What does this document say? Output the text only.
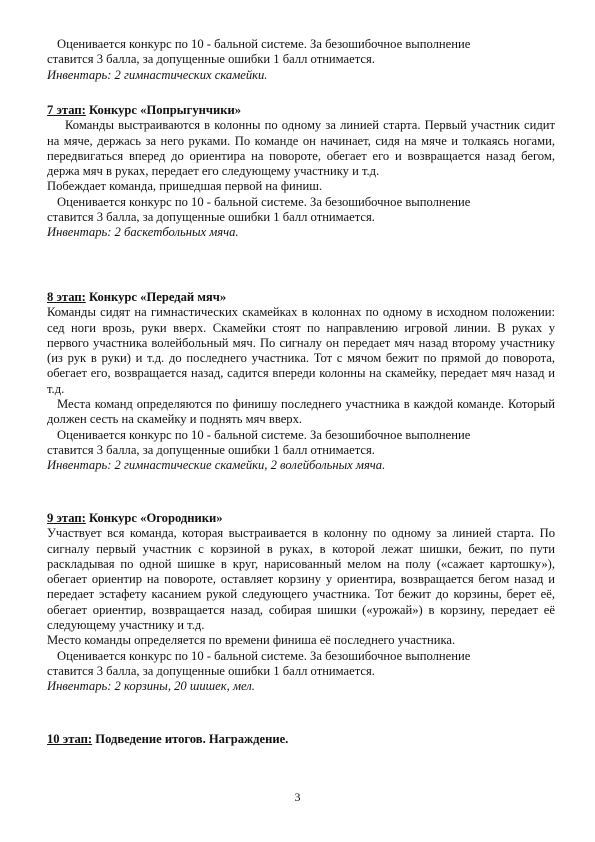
Оценивается конкурс по 10 - бальной системе. За безошибочное выполнение

ставится 3 балла, за допущенные ошибки 1 балл отнимается.

Инвентарь: 2 гимнастических скамейки.

7 этап: Конкурс «Попрыгунчики»

Команды выстраиваются в колонны по одному за линией старта. Первый участник сидит на мяче, держась за него руками. По команде он начинает, сидя на мяче и толкаясь ногами, передвигаться вперед до ориентира на повороте, обегает его и возвращается назад бегом, держа мяч в руках, передает его следующему участнику и т.д.

Побеждает команда, пришедшая первой на финиш.

Оценивается конкурс по 10 - бальной системе. За безошибочное выполнение

ставится 3 балла, за допущенные ошибки 1 балл отнимается.

Инвентарь: 2 баскетбольных мяча.

8 этап: Конкурс «Передай мяч»

Команды сидят на гимнастических скамейках в колоннах по одному в исходном положении: сед ноги врозь, руки вверх. Скамейки стоят по направлению игровой линии. В руках у первого участника волейбольный мяч. По сигналу он передает мяч назад второму участнику (из рук в руки) и т.д. до последнего участника. Тот с мячом бежит по прямой до поворота, обегает его, возвращается назад, садится впереди колонны на скамейку, передает мяч назад и т.д.

Места команд определяются по финишу последнего участника в каждой команде. Который должен сесть на скамейку и поднять мяч вверх.

Оценивается конкурс по 10 - бальной системе. За безошибочное выполнение

ставится 3 балла, за допущенные ошибки 1 балл отнимается.

Инвентарь: 2 гимнастические скамейки, 2 волейбольных мяча.

9 этап: Конкурс «Огородники»

Участвует вся команда, которая выстраивается в колонну по одному за линией старта. По сигналу первый участник с корзиной в руках, в которой лежат шишки, бежит, по пути раскладывая по одной шишке в круг, нарисованный мелом на полу («сажает картошку»), обегает ориентир на повороте, оставляет корзину у ориентира, возвращается бегом назад и передает эстафету касанием рукой следующего участника. Тот бежит до корзины, берет её, обегает ориентир, возвращается назад, собирая шишки («урожай») в корзину, передает её следующему участнику и т.д.

Место команды определяется по времени финиша её последнего участника.

Оценивается конкурс по 10 - бальной системе. За безошибочное выполнение

ставится 3 балла, за допущенные ошибки 1 балл отнимается.

Инвентарь: 2 корзины, 20 шишек, мел.

10 этап: Подведение итогов. Награждение.

3
